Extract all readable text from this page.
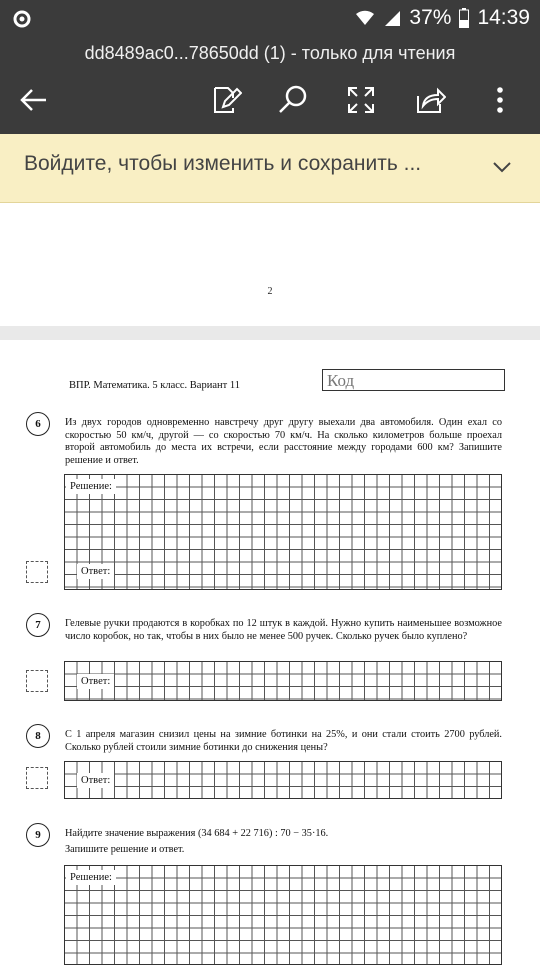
37% 14:39
dd8489ac0...78650dd (1) - только для чтения
Войдите, чтобы изменить и сохранить ...
2
ВПР. Математика. 5 класс. Вариант 11	Код
6	Из двух городов одновременно навстречу друг другу выехали два автомобиля. Один ехал со скоростью 50 км/ч, другой — со скоростью 70 км/ч. На сколько километров больше проехал второй автомобиль до места их встречи, если расстояние между городами 600 км? Запишите решение и ответ.
Решение:
Ответ:
7	Гелевые ручки продаются в коробках по 12 штук в каждой. Нужно купить наименьшее возможное число коробок, но так, чтобы в них было не менее 500 ручек. Сколько ручек было куплено?
Ответ:
8	С 1 апреля магазин снизил цены на зимние ботинки на 25%, и они стали стоить 2700 рублей. Сколько рублей стоили зимние ботинки до снижения цены?
Ответ:
9	Найдите значение выражения (34 684 + 22 716) : 70 − 35·16.
Запишите решение и ответ.
Решение:
